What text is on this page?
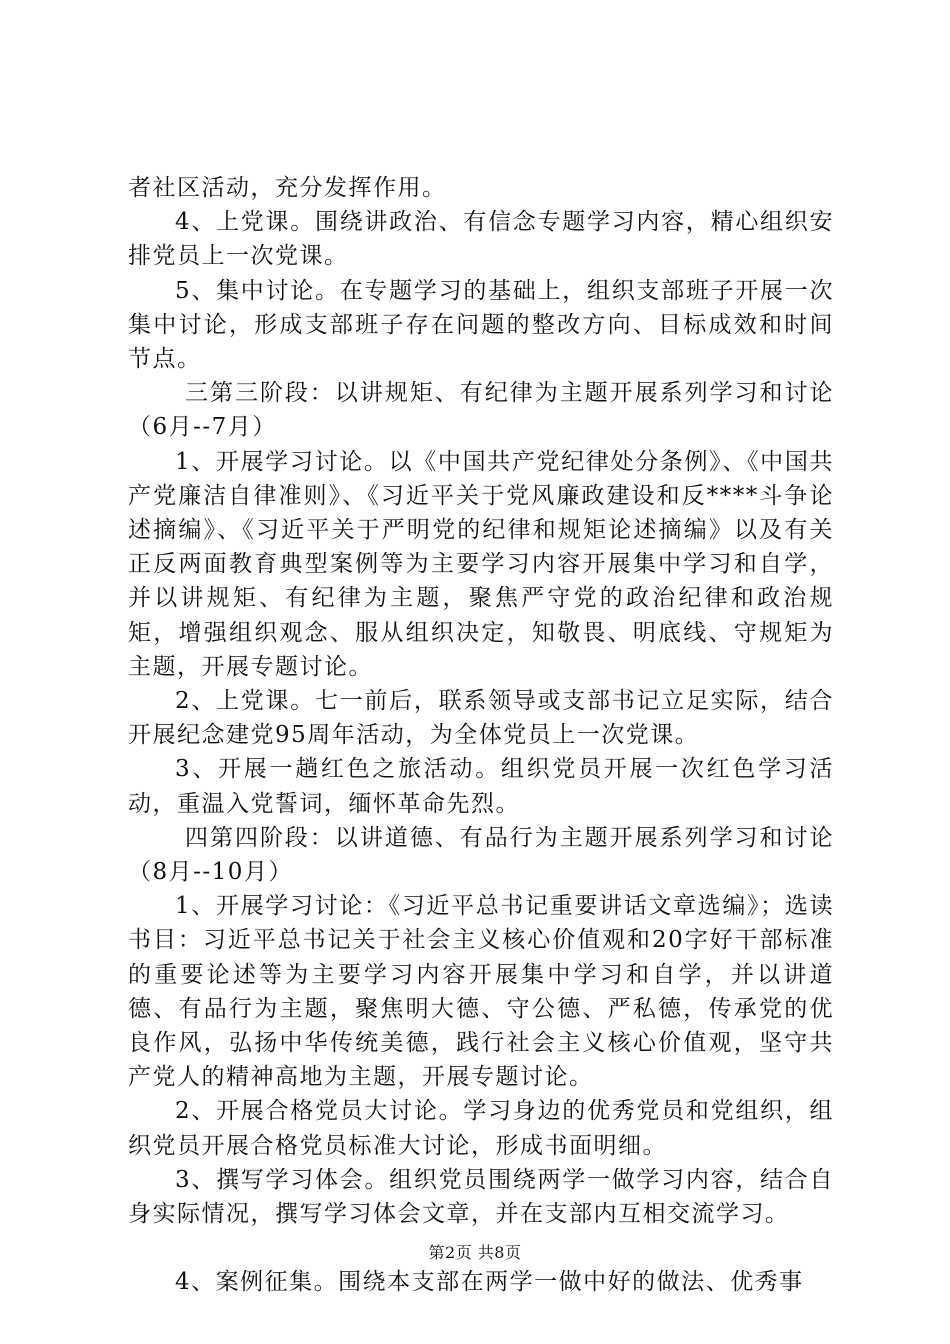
者社区活动，充分发挥作用。

4、上党课。围绕讲政治、有信念专题学习内容，精心组织安排党员上一次党课。

5、集中讨论。在专题学习的基础上，组织支部班子开展一次集中讨论，形成支部班子存在问题的整改方向、目标成效和时间节点。

三第三阶段：以讲规矩、有纪律为主题开展系列学习和讨论（6月--7月）

1、开展学习讨论。以《中国共产党纪律处分条例》、《中国共产党廉洁自律准则》、《习近平关于党风廉政建设和反****斗争论述摘编》、《习近平关于严明党的纪律和规矩论述摘编》以及有关正反两面教育典型案例等为主要学习内容开展集中学习和自学，并以讲规矩、有纪律为主题，聚焦严守党的政治纪律和政治规矩，增强组织观念、服从组织决定，知敬畏、明底线、守规矩为主题，开展专题讨论。

2、上党课。七一前后，联系领导或支部书记立足实际，结合开展纪念建党95周年活动，为全体党员上一次党课。

3、开展一趟红色之旅活动。组织党员开展一次红色学习活动，重温入党誓词，缅怀革命先烈。

四第四阶段：以讲道德、有品行为主题开展系列学习和讨论（8月--10月）

1、开展学习讨论：《习近平总书记重要讲话文章选编》；选读书目：习近平总书记关于社会主义核心价值观和20字好干部标准的重要论述等为主要学习内容开展集中学习和自学，并以讲道德、有品行为主题，聚焦明大德、守公德、严私德，传承党的优良作风，弘扬中华传统美德，践行社会主义核心价值观，坚守共产党人的精神高地为主题，开展专题讨论。

2、开展合格党员大讨论。学习身边的优秀党员和党组织，组织党员开展合格党员标准大讨论，形成书面明细。

3、撰写学习体会。组织党员围绕两学一做学习内容，结合自身实际情况，撰写学习体会文章，并在支部内互相交流学习。

4、案例征集。围绕本支部在两学一做中好的做法、优秀事

第2页 共8页
